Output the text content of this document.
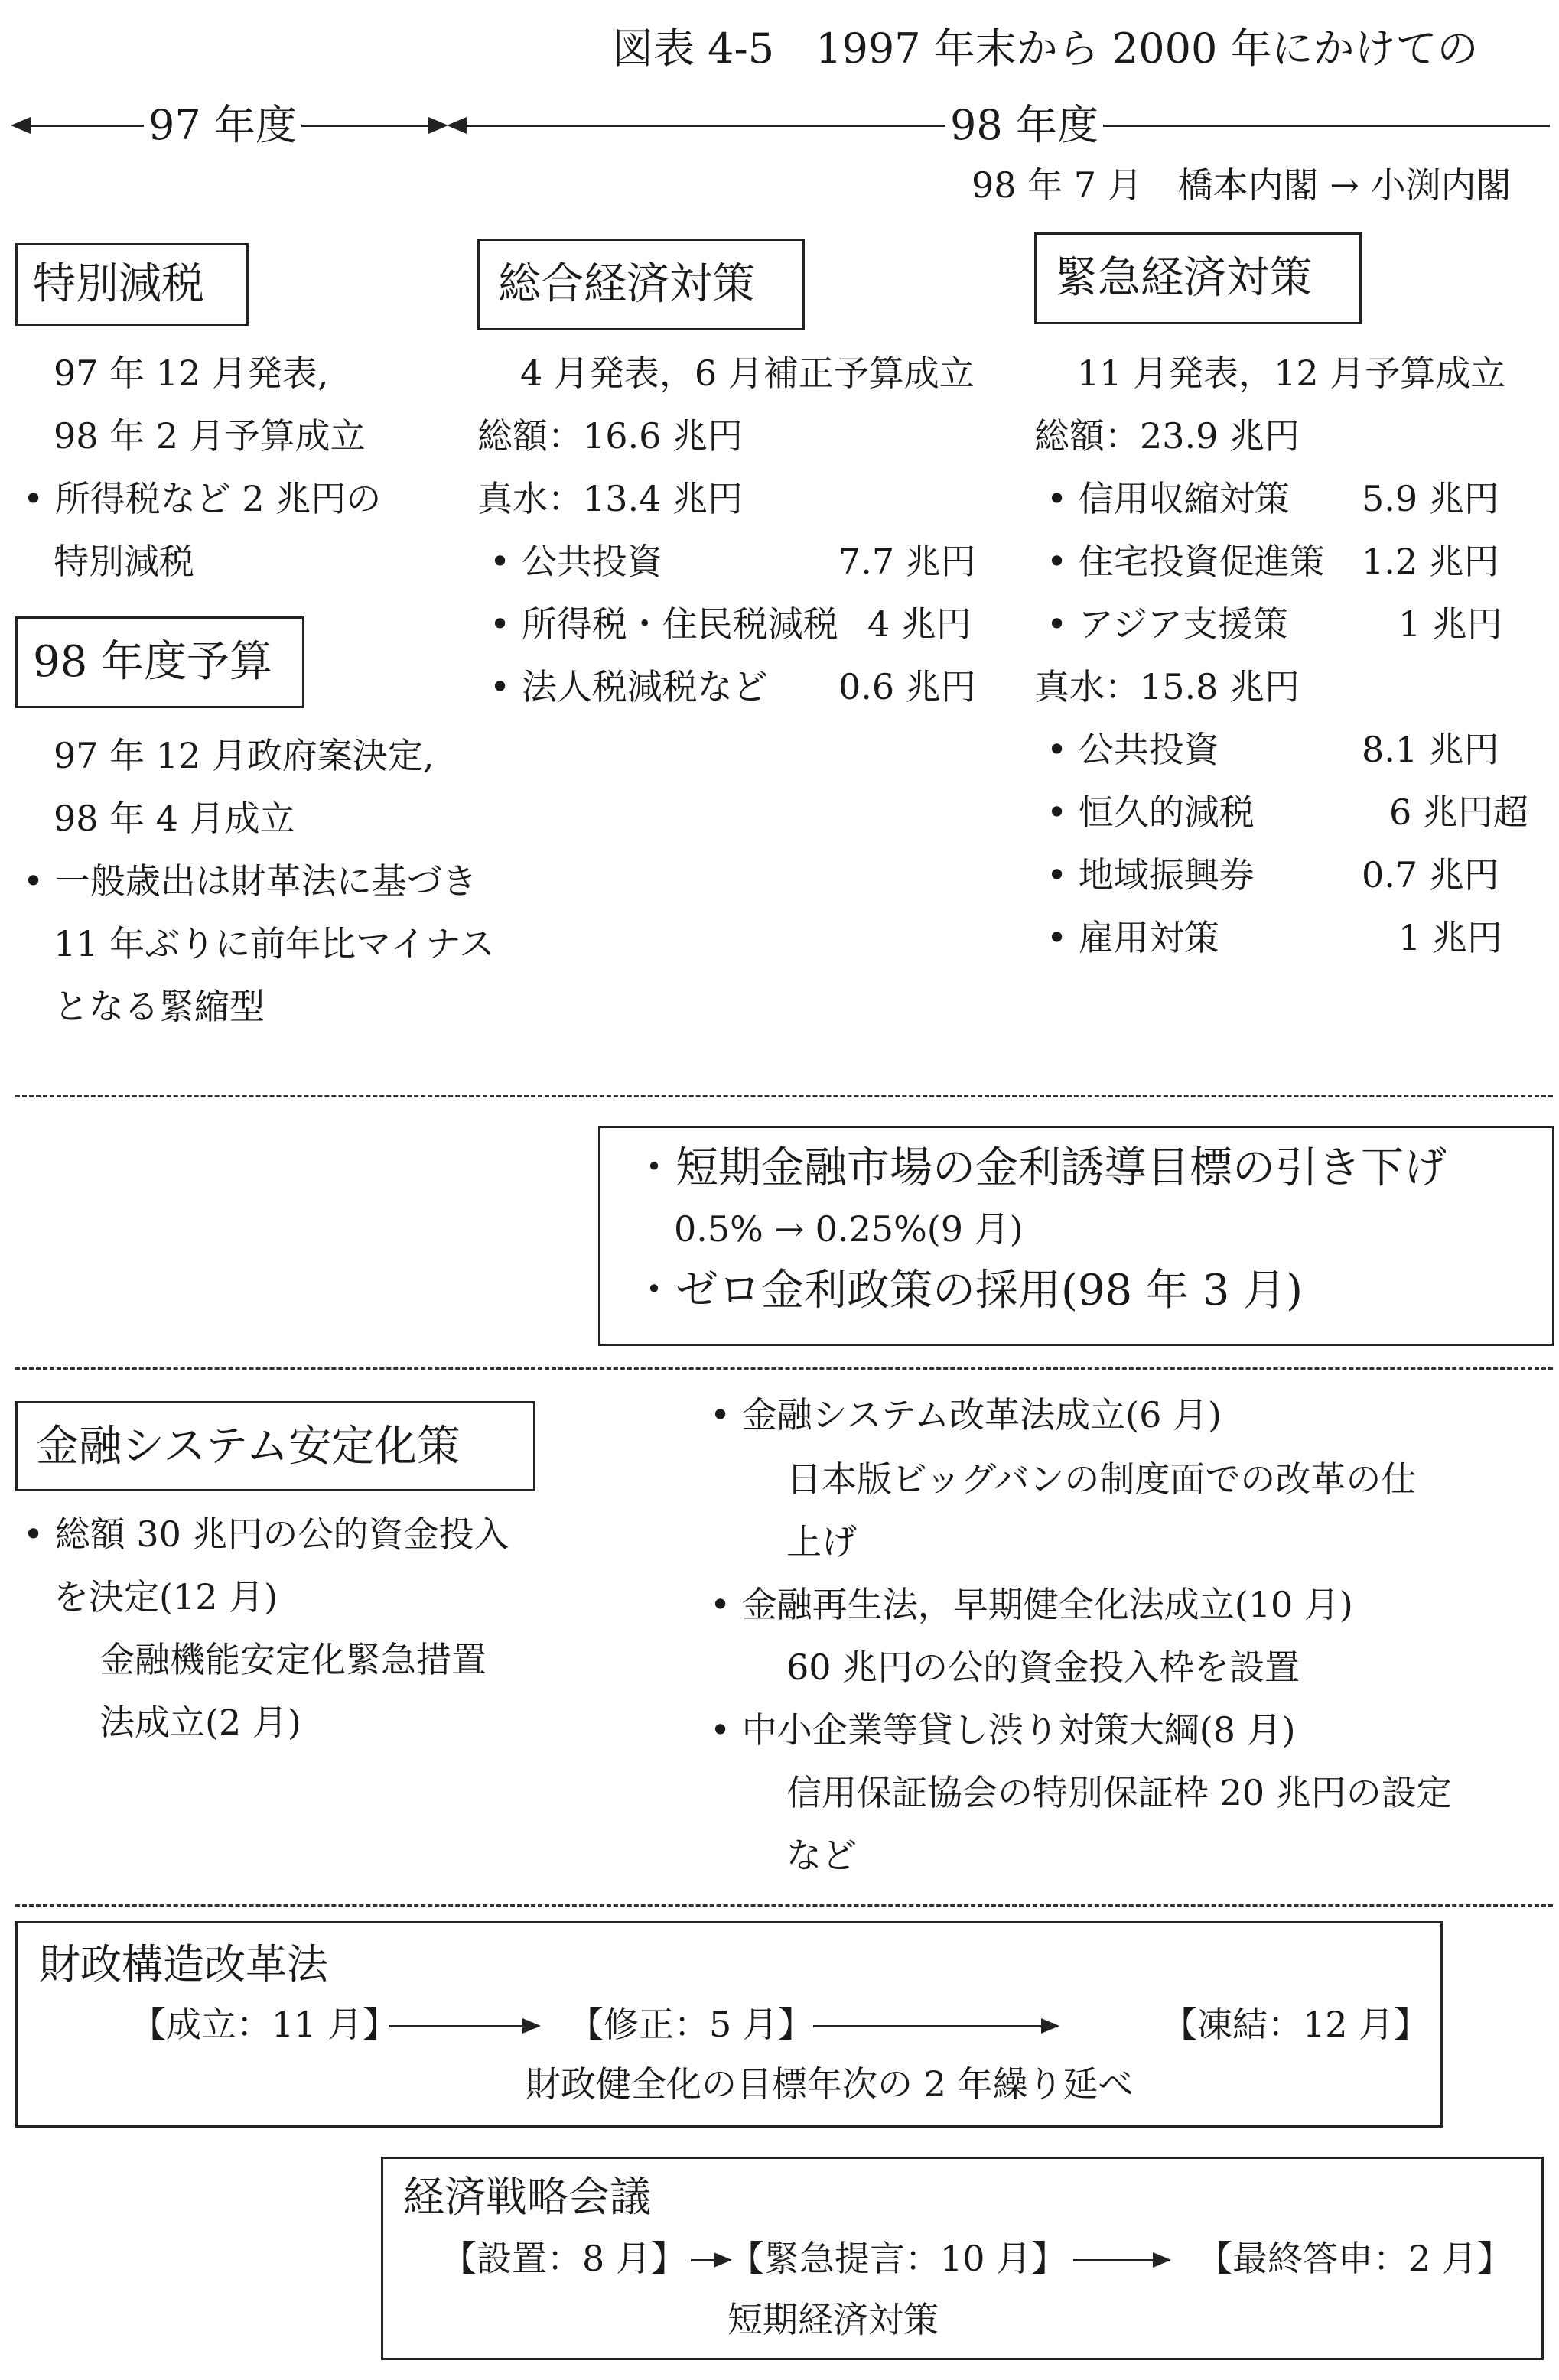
図表 4-5　1997 年末から 2000 年にかけての
97 年度	98 年度
98 年 7 月　橋本内閣 → 小渕内閣
特別減税
97 年 12 月発表,
98 年 2 月予算成立
• 所得税など 2 兆円の
特別減税
98 年度予算
97 年 12 月政府案決定,
98 年 4 月成立
• 一般歳出は財革法に基づき
11 年ぶりに前年比マイナス
となる緊縮型
総合経済対策
4 月発表，6 月補正予算成立
総額：16.6 兆円
真水：13.4 兆円
• 公共投資	7.7 兆円
• 所得税・住民税減税 4 兆円
• 法人税減税など 0.6 兆円
緊急経済対策
11 月発表，12 月予算成立
総額：23.9 兆円
• 信用収縮対策 5.9 兆円
• 住宅投資促進策 1.2 兆円
• アジア支援策	1 兆円
真水：15.8 兆円
• 公共投資	8.1 兆円
• 恒久的減税	6 兆円超
• 地域振興券	0.7 兆円
• 雇用対策	1 兆円
・短期金融市場の金利誘導目標の引き下げ
0.5% → 0.25%(9 月)
・ゼロ金利政策の採用(98 年 3 月)
金融システム安定化策
• 総額 30 兆円の公的資金投入
を決定(12 月)
金融機能安定化緊急措置
法成立(2 月)
• 金融システム改革法成立(6 月)
日本版ビッグバンの制度面での改革の仕
上げ
• 金融再生法，早期健全化法成立(10 月)
60 兆円の公的資金投入枠を設置
• 中小企業等貸し渋り対策大綱(8 月)
信用保証協会の特別保証枠 20 兆円の設定
など
財政構造改革法
【成立：11 月】	【修正：5 月】	【凍結：12 月】
財政健全化の目標年次の 2 年繰り延べ
経済戦略会議
【設置：8 月】 【緊急提言：10 月】	【最終答申：2 月】
短期経済対策
